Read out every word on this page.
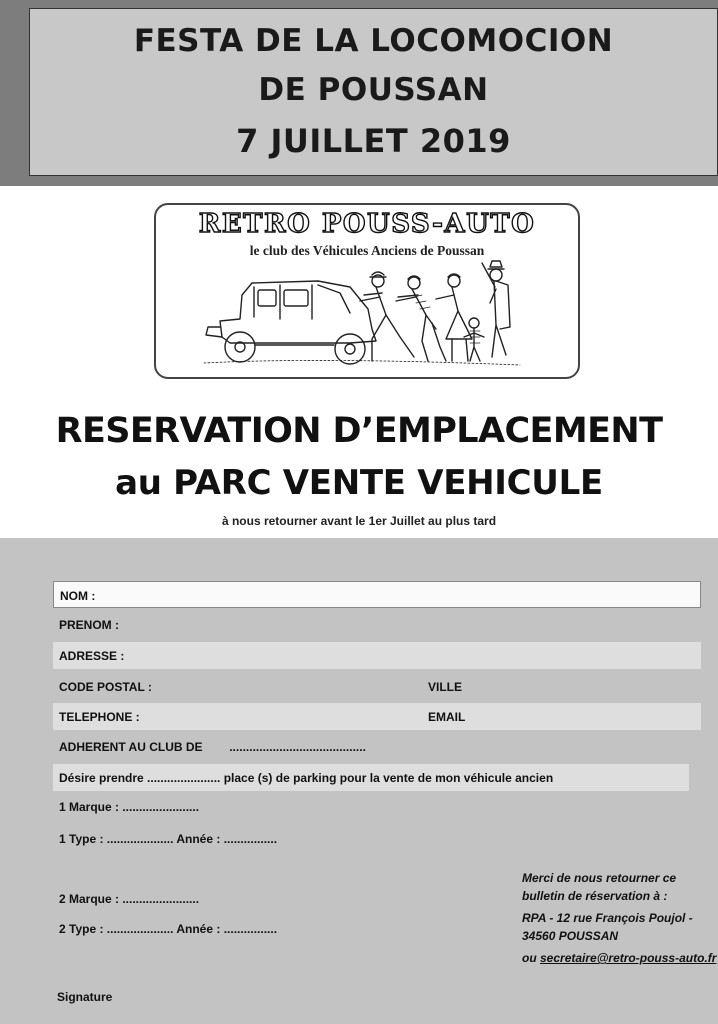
FESTA DE LA LOCOMOCION
DE POUSSAN
7 JUILLET 2019
RETRO POUSS-AUTO
le club des Véhicules Anciens de Poussan
RESERVATION D’EMPLACEMENT
au PARC VENTE VEHICULE
à nous retourner avant le 1er Juillet au plus tard
NOM :
PRENOM :
ADRESSE :
CODE POSTAL :	VILLE
TELEPHONE :	EMAIL
ADHERENT AU CLUB DE        .........................................
Désire prendre ...................... place (s) de parking pour la vente de mon véhicule ancien
1 Marque : .......................
1 Type : .................... Année : ................
2 Marque : .......................
2 Type : .................... Année : ................
Signature

Merci de nous retourner ce bulletin de réservation à :

RPA - 12 rue François Poujol - 34560 POUSSAN

ou secretaire@retro-pouss-auto.fr
